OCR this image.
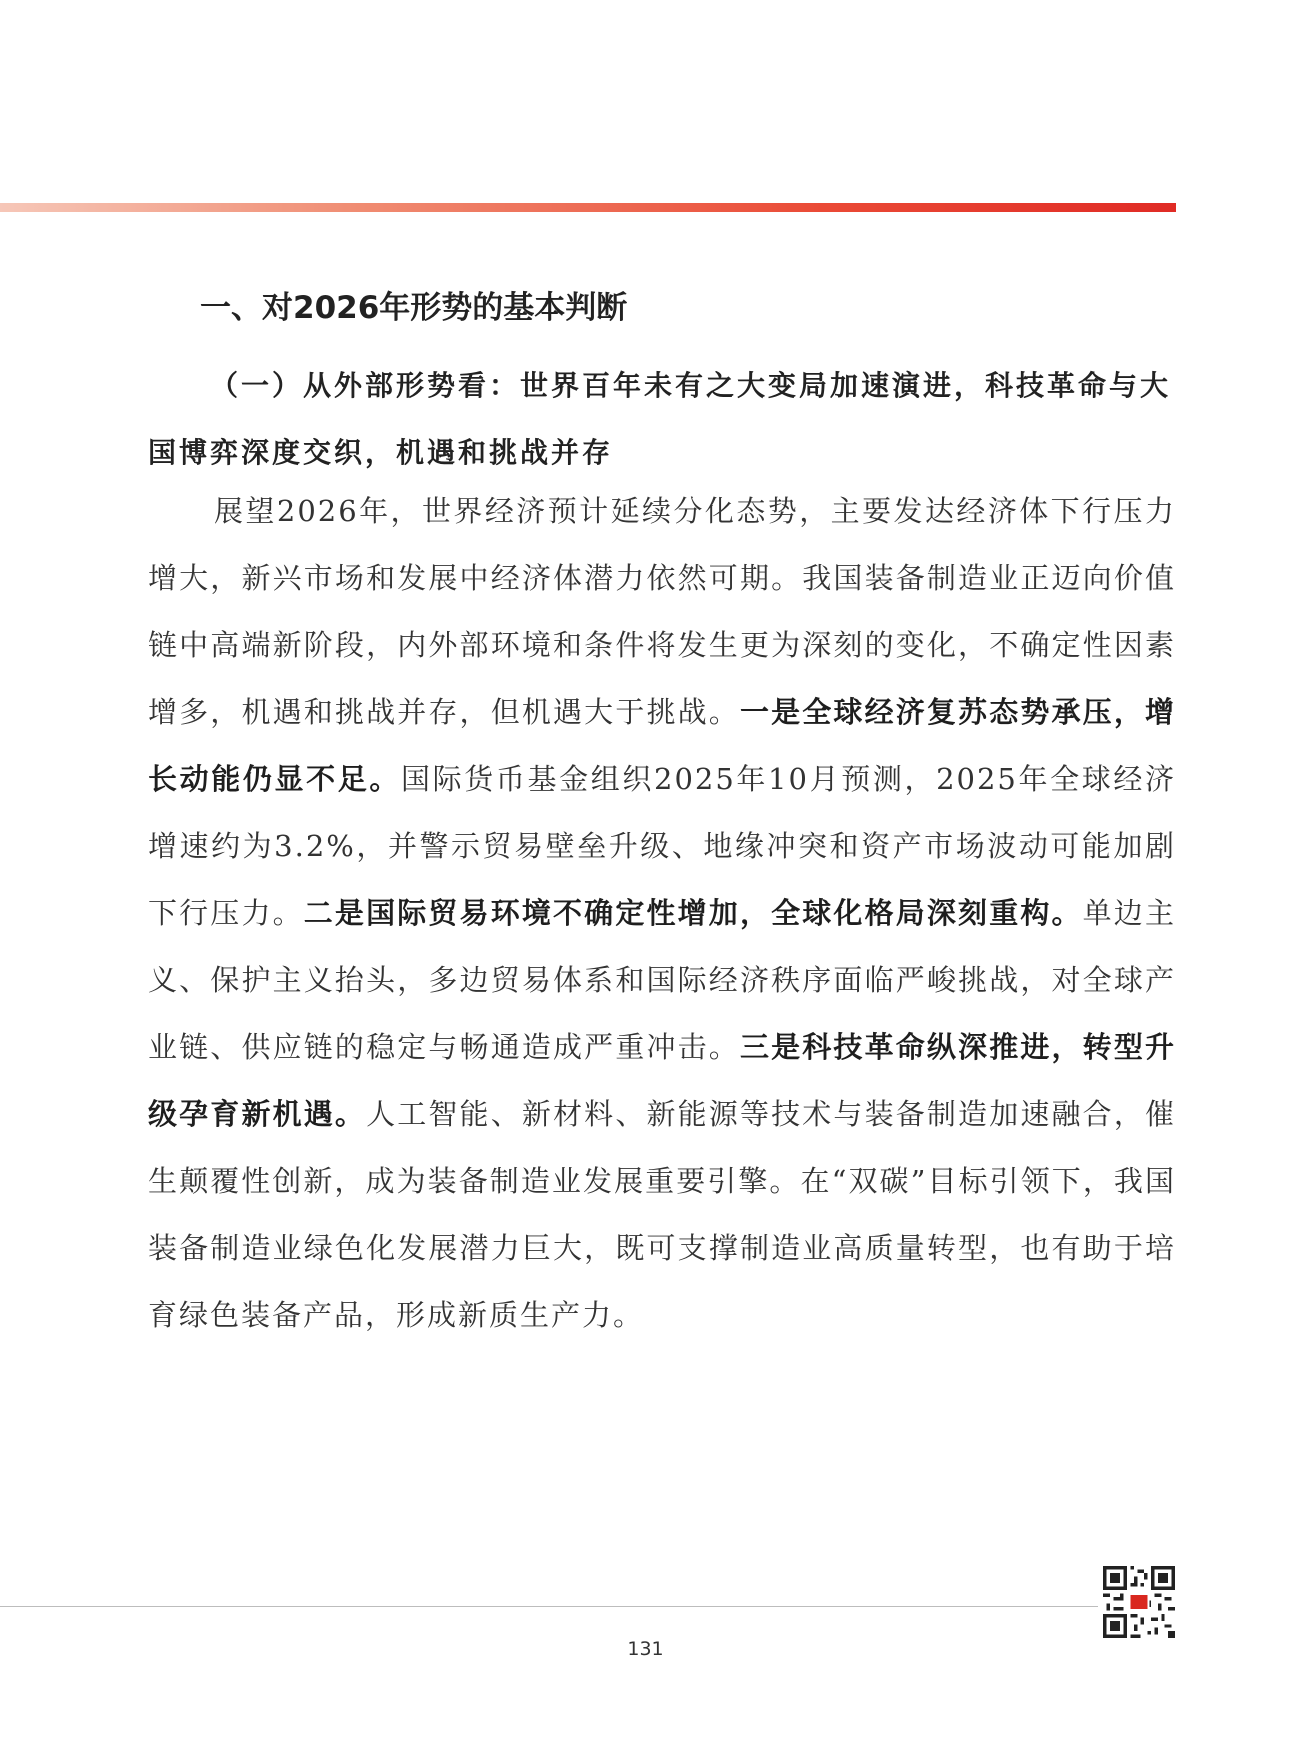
一、对2026年形势的基本判断
（一）从外部形势看：世界百年未有之大变局加速演进，科技革命与大国博弈深度交织，机遇和挑战并存
展望2026年，世界经济预计延续分化态势，主要发达经济体下行压力增大，新兴市场和发展中经济体潜力依然可期。我国装备制造业正迈向价值链中高端新阶段，内外部环境和条件将发生更为深刻的变化，不确定性因素增多，机遇和挑战并存，但机遇大于挑战。一是全球经济复苏态势承压，增长动能仍显不足。国际货币基金组织2025年10月预测，2025年全球经济增速约为3.2%，并警示贸易壁垒升级、地缘冲突和资产市场波动可能加剧下行压力。二是国际贸易环境不确定性增加，全球化格局深刻重构。单边主义、保护主义抬头，多边贸易体系和国际经济秩序面临严峻挑战，对全球产业链、供应链的稳定与畅通造成严重冲击。三是科技革命纵深推进，转型升级孕育新机遇。人工智能、新材料、新能源等技术与装备制造加速融合，催生颠覆性创新，成为装备制造业发展重要引擎。在“双碳”目标引领下，我国装备制造业绿色化发展潜力巨大，既可支撑制造业高质量转型，也有助于培育绿色装备产品，形成新质生产力。
131
